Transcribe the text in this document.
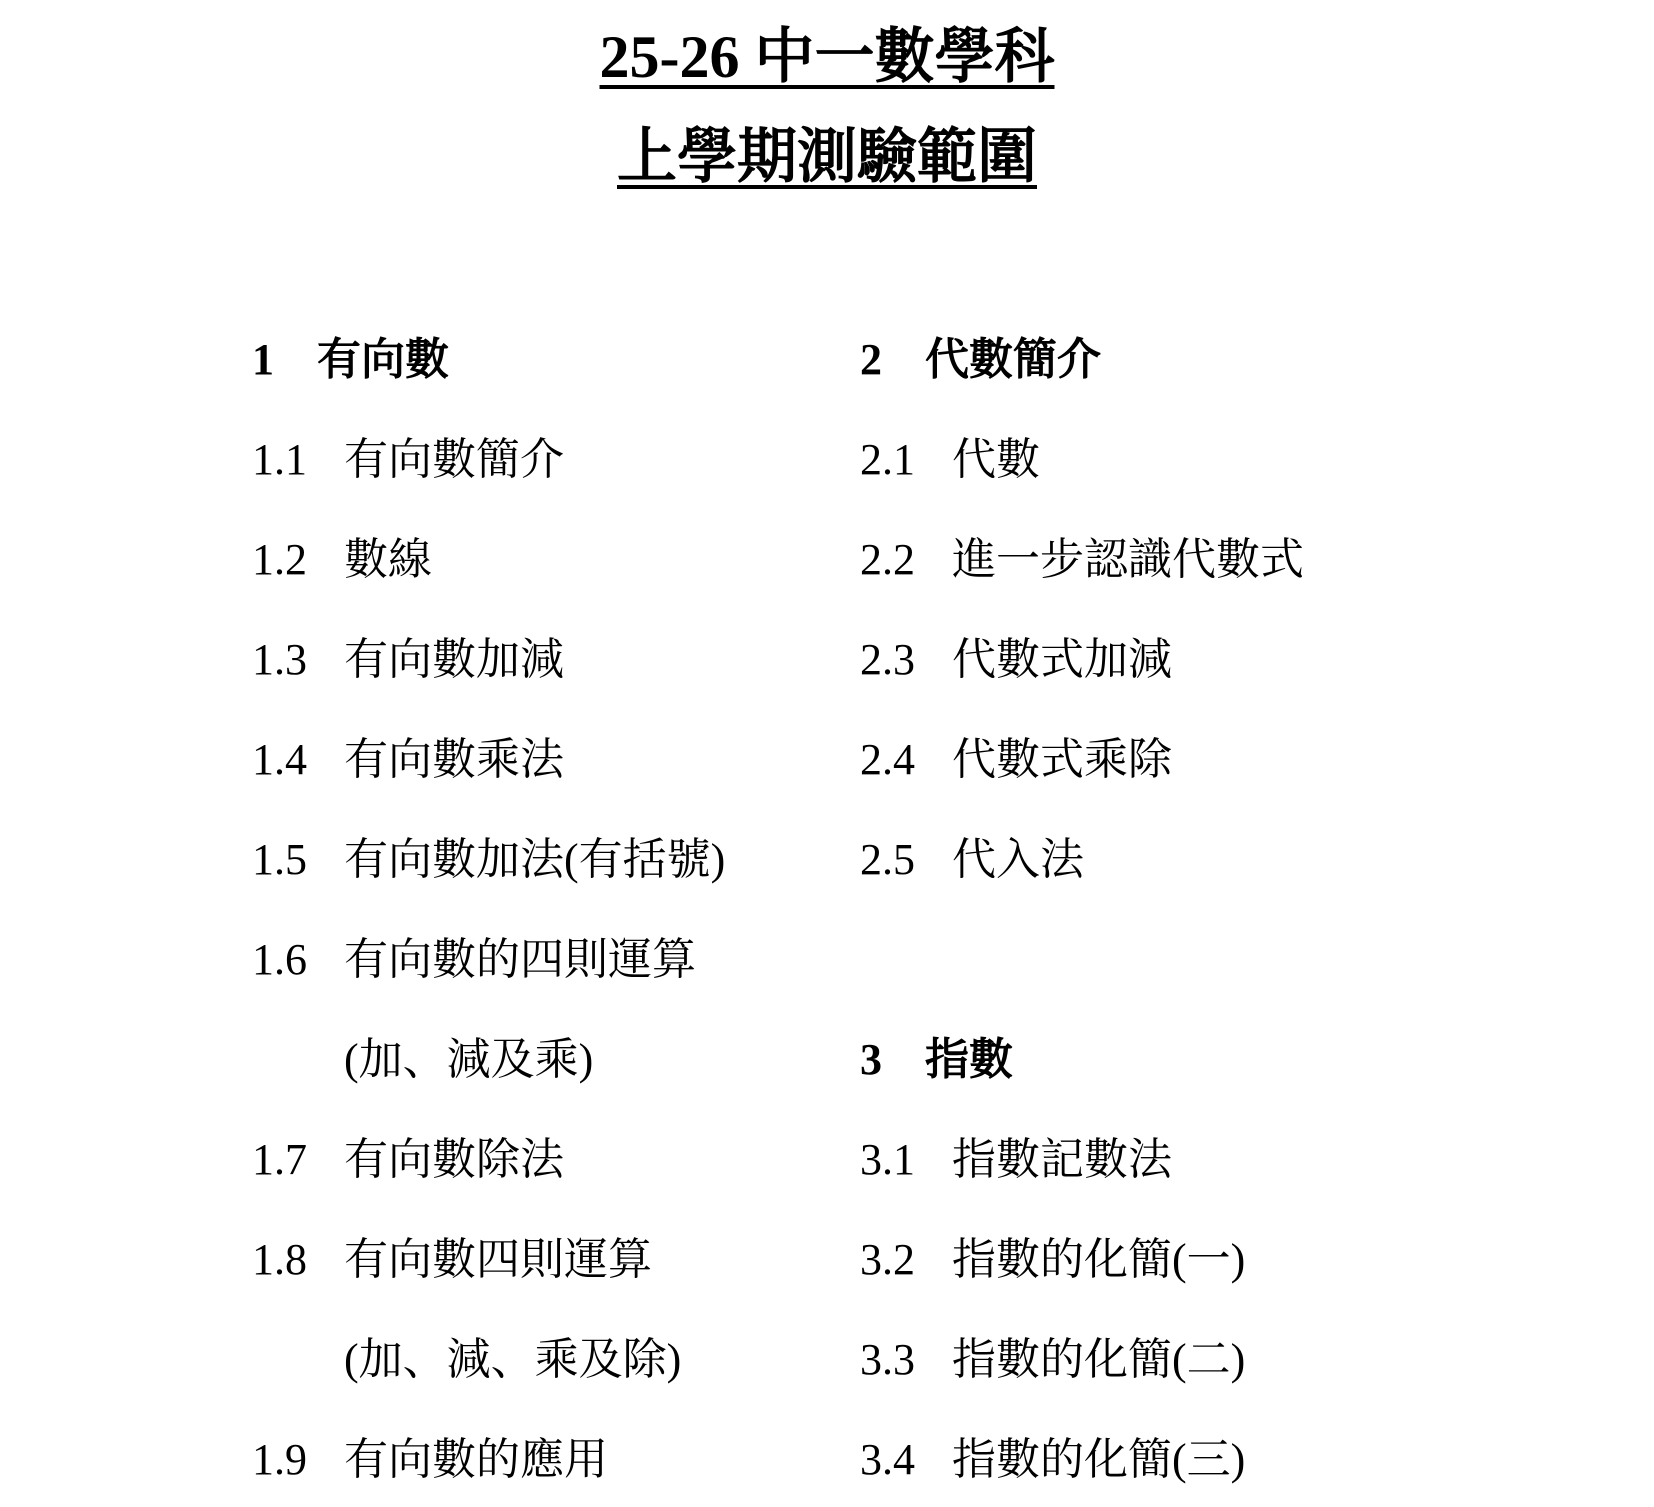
25-26 中一數學科
上學期測驗範圍
1 有向數
1.1 有向數簡介
1.2 數線
1.3 有向數加減
1.4 有向數乘法
1.5 有向數加法(有括號)
1.6 有向數的四則運算
(加、減及乘)
1.7 有向數除法
1.8 有向數四則運算
(加、減、乘及除)
1.9 有向數的應用
2 代數簡介
2.1 代數
2.2 進一步認識代數式
2.3 代數式加減
2.4 代數式乘除
2.5 代入法
3 指數
3.1 指數記數法
3.2 指數的化簡(一)
3.3 指數的化簡(二)
3.4 指數的化簡(三)
